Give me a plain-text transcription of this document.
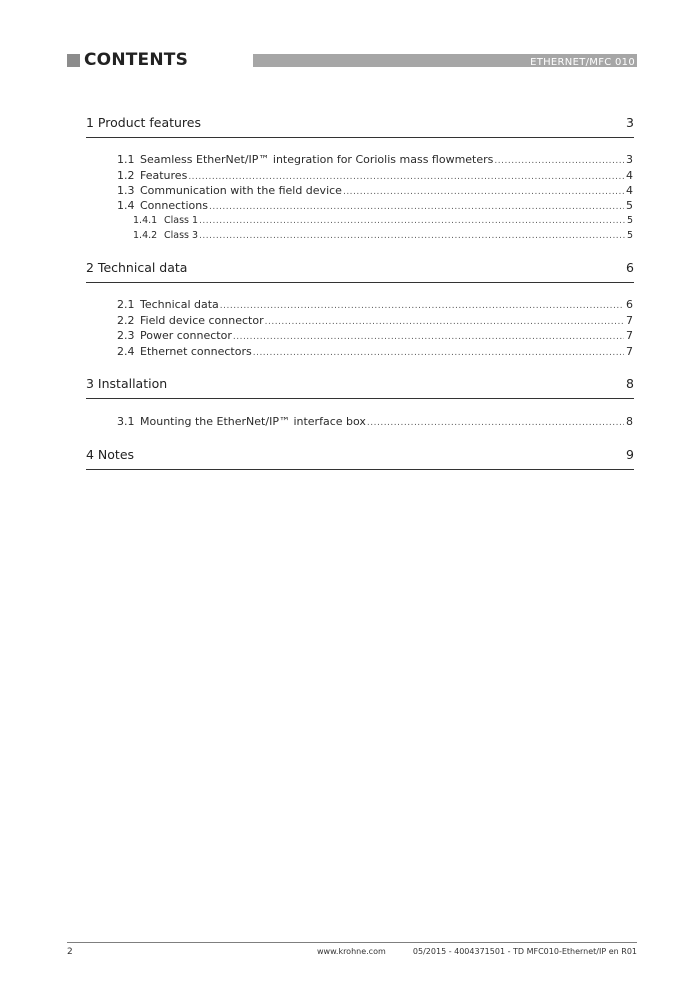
CONTENTS	ETHERNET/MFC 010
1 Product features	3
1.1 Seamless EtherNet/IP™ integration for Coriolis mass flowmeters .....	3
1.2 Features .....	4
1.3 Communication with the field device .....	4
1.4 Connections .....	5
1.4.1 Class 1 .....	5
1.4.2 Class 3 .....	5
2 Technical data	6
2.1 Technical data .....	6
2.2 Field device connector .....	7
2.3 Power connector .....	7
2.4 Ethernet connectors .....	7
3 Installation	8
3.1 Mounting the EtherNet/IP™ interface box .....	8
4 Notes	9
2	www.krohne.com	05/2015 - 4004371501 - TD MFC010-Ethernet/IP en R01
